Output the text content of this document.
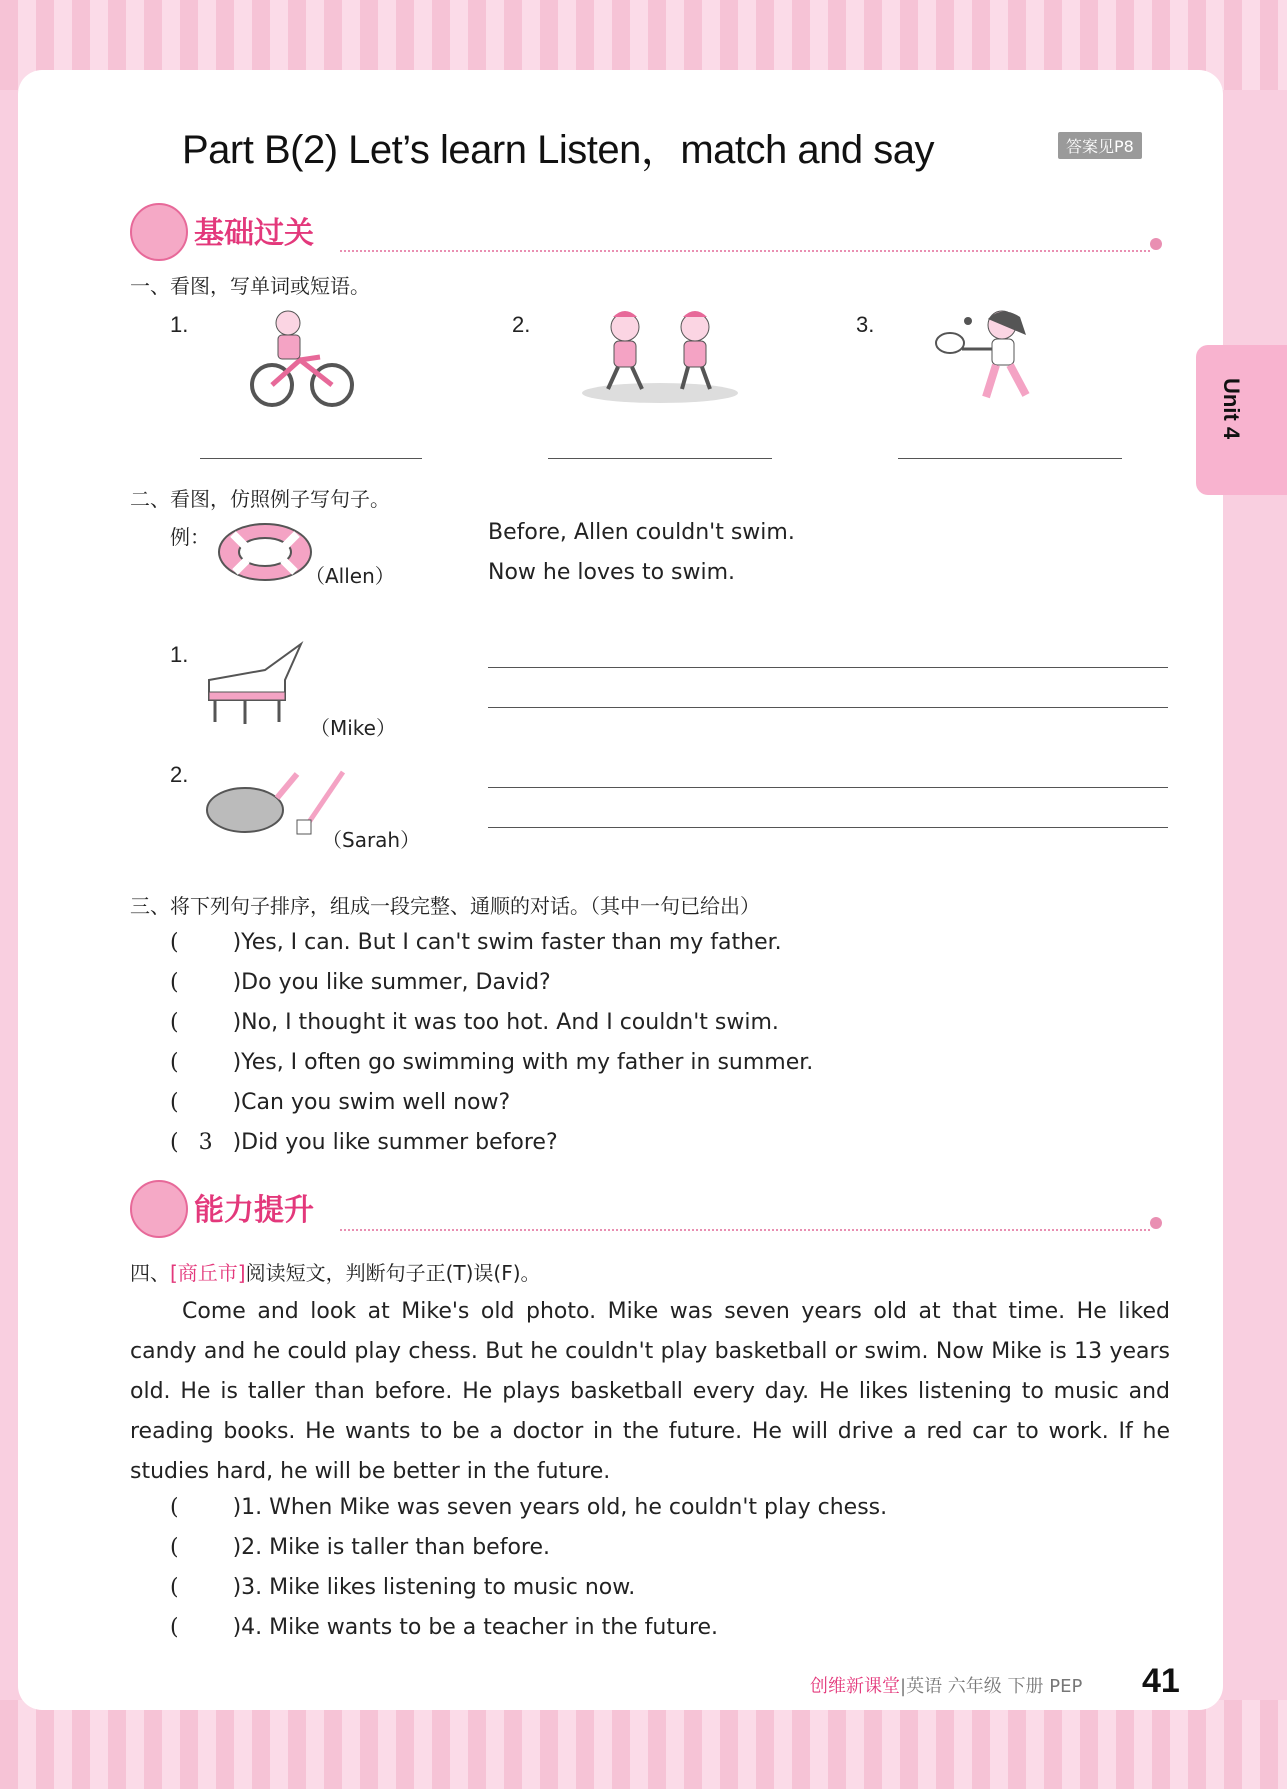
Unit 4
Part B(2) Let’s learn Listen，match and say	答案见P8
基础过关
一、看图，写单词或短语。
1.	2.	3.
二、看图，仿照例子写句子。
例：
（Allen）
Before, Allen couldn't swim.
Now he loves to swim.
1.
（Mike）
2.
（Sarah）
三、将下列句子排序，组成一段完整、通顺的对话。（其中一句已给出）
( )Yes, I can. But I can't swim faster than my father.
( )Do you like summer, David?
( )No, I thought it was too hot. And I couldn't swim.
( )Yes, I often go swimming with my father in summer.
( )Can you swim well now?
( 3 )Did you like summer before?
能力提升
四、[商丘市]阅读短文，判断句子正(T)误(F)。
Come and look at Mike's old photo. Mike was seven years old at that time. He liked candy and he could play chess. But he couldn't play basketball or swim. Now Mike is 13 years old. He is taller than before. He plays basketball every day. He likes listening to music and reading books. He wants to be a doctor in the future. He will drive a red car to work. If he studies hard, he will be better in the future.
( )1. When Mike was seven years old, he couldn't play chess.
( )2. Mike is taller than before.
( )3. Mike likes listening to music now.
( )4. Mike wants to be a teacher in the future.
创维新课堂|英语 六年级 下册 PEP 41
